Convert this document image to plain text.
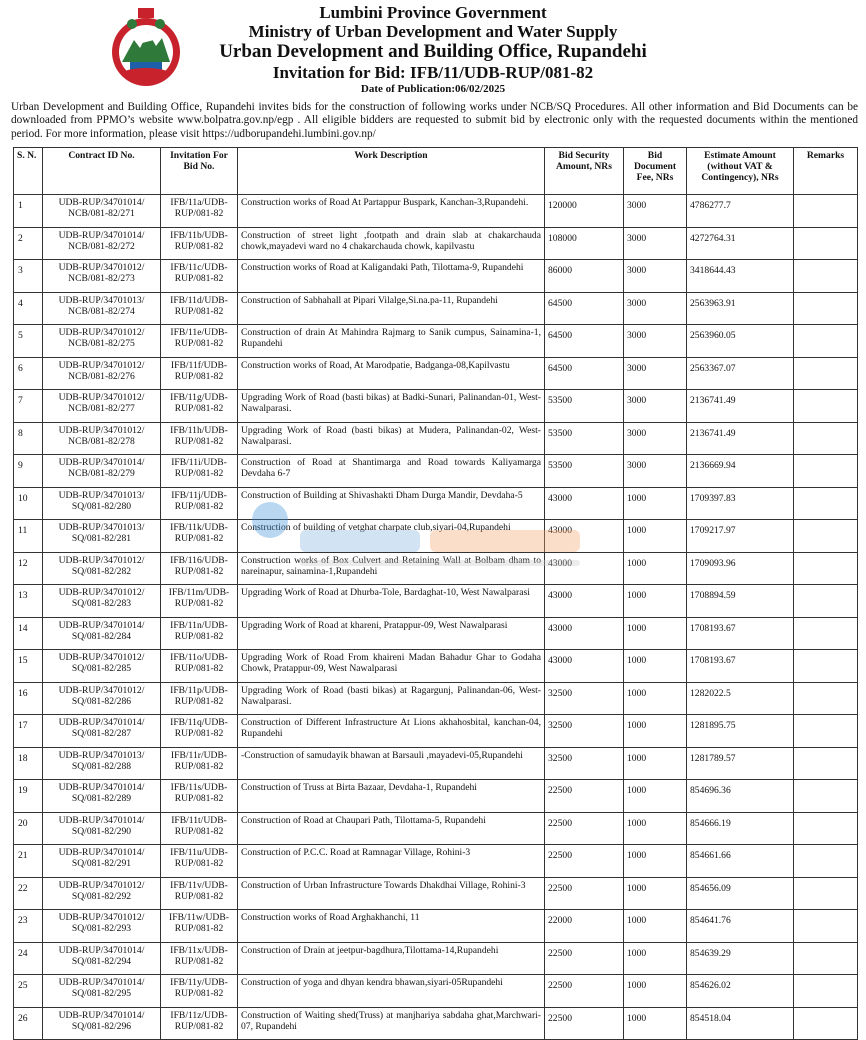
Lumbini Province Government
Ministry of Urban Development and Water Supply
Urban Development and Building Office, Rupandehi
Invitation for Bid: IFB/11/UDB-RUP/081-82
Date of Publication:06/02/2025
Urban Development and Building Office, Rupandehi invites bids for the construction of following works under NCB/SQ Procedures. All other information and Bid Documents can be downloaded from PPMO’s website www.bolpatra.gov.np/egp . All eligible bidders are requested to submit bid by electronic only with the requested documents within the mentioned period. For more information, please visit https://udborupandehi.lumbini.gov.np/
S. N.	Contract ID No.	Invitation For Bid No.	Work Description	Bid Security Amount, NRs	Bid Document Fee, NRs	Estimate Amount (without VAT & Contingency), NRs	Remarks
1	UDB-RUP/34701014/ NCB/081-82/271	IFB/11a/UDB-RUP/081-82	Construction works of Road At Partappur Buspark, Kanchan-3,Rupandehi.	120000	3000	4786277.7	
2	UDB-RUP/34701014/ NCB/081-82/272	IFB/11b/UDB-RUP/081-82	Construction of street light ,footpath and drain slab at chakarchauda chowk,mayadevi ward no 4 chakarchauda chowk, kapilvastu	108000	3000	4272764.31	
3	UDB-RUP/34701012/ NCB/081-82/273	IFB/11c/UDB-RUP/081-82	Construction works of Road at Kaligandaki Path, Tilottama-9, Rupandehi	86000	3000	3418644.43	
4	UDB-RUP/34701013/ NCB/081-82/274	IFB/11d/UDB-RUP/081-82	Construction of Sabhahall at Pipari Vilalge,Si.na.pa-11, Rupandehi	64500	3000	2563963.91	
5	UDB-RUP/34701012/ NCB/081-82/275	IFB/11e/UDB-RUP/081-82	Construction of drain At Mahindra Rajmarg to Sanik cumpus, Sainamina-1, Rupandehi	64500	3000	2563960.05	
6	UDB-RUP/34701012/ NCB/081-82/276	IFB/11f/UDB-RUP/081-82	Construction works of Road, At Marodpatie, Badganga-08,Kapilvastu	64500	3000	2563367.07	
7	UDB-RUP/34701012/ NCB/081-82/277	IFB/11g/UDB-RUP/081-82	Upgrading Work of Road (basti bikas) at Badki-Sunari, Palinandan-01, West-Nawalparasi.	53500	3000	2136741.49	
8	UDB-RUP/34701012/ NCB/081-82/278	IFB/11h/UDB-RUP/081-82	Upgrading Work of Road (basti bikas) at Mudera, Palinandan-02, West-Nawalparasi.	53500	3000	2136741.49	
9	UDB-RUP/34701014/ NCB/081-82/279	IFB/11i/UDB-RUP/081-82	Construction of Road at Shantimarga and Road towards Kaliyamarga Devdaha 6-7	53500	3000	2136669.94	
10	UDB-RUP/34701013/ SQ/081-82/280	IFB/11j/UDB-RUP/081-82	Construction of Building at Shivashakti Dham Durga Mandir, Devdaha-5	43000	1000	1709397.83	
11	UDB-RUP/34701013/ SQ/081-82/281	IFB/11k/UDB-RUP/081-82	Construction of building of vetghat charpate club,siyari-04,Rupandehi	43000	1000	1709217.97	
12	UDB-RUP/34701012/ SQ/081-82/282	IFB/116/UDB-RUP/081-82	Construction works of Box Culvert and Retaining Wall at Bolbam dham to nareinapur, sainamina-1,Rupandehi	43000	1000	1709093.96	
13	UDB-RUP/34701012/ SQ/081-82/283	IFB/11m/UDB-RUP/081-82	Upgrading Work of Road at Dhurba-Tole, Bardaghat-10, West Nawalparasi	43000	1000	1708894.59	
14	UDB-RUP/34701014/ SQ/081-82/284	IFB/11n/UDB-RUP/081-82	Upgrading Work of Road at khareni, Pratappur-09, West Nawalparasi	43000	1000	1708193.67	
15	UDB-RUP/34701012/ SQ/081-82/285	IFB/11o/UDB-RUP/081-82	Upgrading Work of Road From khaireni Madan Bahadur Ghar to Godaha Chowk, Pratappur-09, West Nawalparasi	43000	1000	1708193.67	
16	UDB-RUP/34701012/ SQ/081-82/286	IFB/11p/UDB-RUP/081-82	Upgrading Work of Road (basti bikas) at Ragargunj, Palinandan-06, West-Nawalparasi.	32500	1000	1282022.5	
17	UDB-RUP/34701014/ SQ/081-82/287	IFB/11q/UDB-RUP/081-82	Construction of Different Infrastructure At Lions akhahosbital, kanchan-04, Rupandehi	32500	1000	1281895.75	
18	UDB-RUP/34701013/ SQ/081-82/288	IFB/11r/UDB-RUP/081-82	-Construction of samudayik bhawan at Barsauli ,mayadevi-05,Rupandehi	32500	1000	1281789.57	
19	UDB-RUP/34701014/ SQ/081-82/289	IFB/11s/UDB-RUP/081-82	Construction of Truss at Birta Bazaar, Devdaha-1, Rupandehi	22500	1000	854696.36	
20	UDB-RUP/34701014/ SQ/081-82/290	IFB/11t/UDB-RUP/081-82	Construction of Road at Chaupari Path, Tilottama-5, Rupandehi	22500	1000	854666.19	
21	UDB-RUP/34701014/ SQ/081-82/291	IFB/11u/UDB-RUP/081-82	Construction of P.C.C. Road at Ramnagar Village, Rohini-3	22500	1000	854661.66	
22	UDB-RUP/34701012/ SQ/081-82/292	IFB/11v/UDB-RUP/081-82	Construction of Urban Infrastructure Towards Dhakdhai Village, Rohini-3	22500	1000	854656.09	
23	UDB-RUP/34701012/ SQ/081-82/293	IFB/11w/UDB-RUP/081-82	Construction works of Road Arghakhanchi, 11	22000	1000	854641.76	
24	UDB-RUP/34701014/ SQ/081-82/294	IFB/11x/UDB-RUP/081-82	Construction of Drain at jeetpur-bagdhura,Tilottama-14,Rupandehi	22500	1000	854639.29	
25	UDB-RUP/34701014/ SQ/081-82/295	IFB/11y/UDB-RUP/081-82	Construction of yoga and dhyan kendra bhawan,siyari-05Rupandehi	22500	1000	854626.02	
26	UDB-RUP/34701014/ SQ/081-82/296	IFB/11z/UDB-RUP/081-82	Construction of Waiting shed(Truss) at manjhariya sabdaha ghat,Marchwari-07, Rupandehi	22500	1000	854518.04	
